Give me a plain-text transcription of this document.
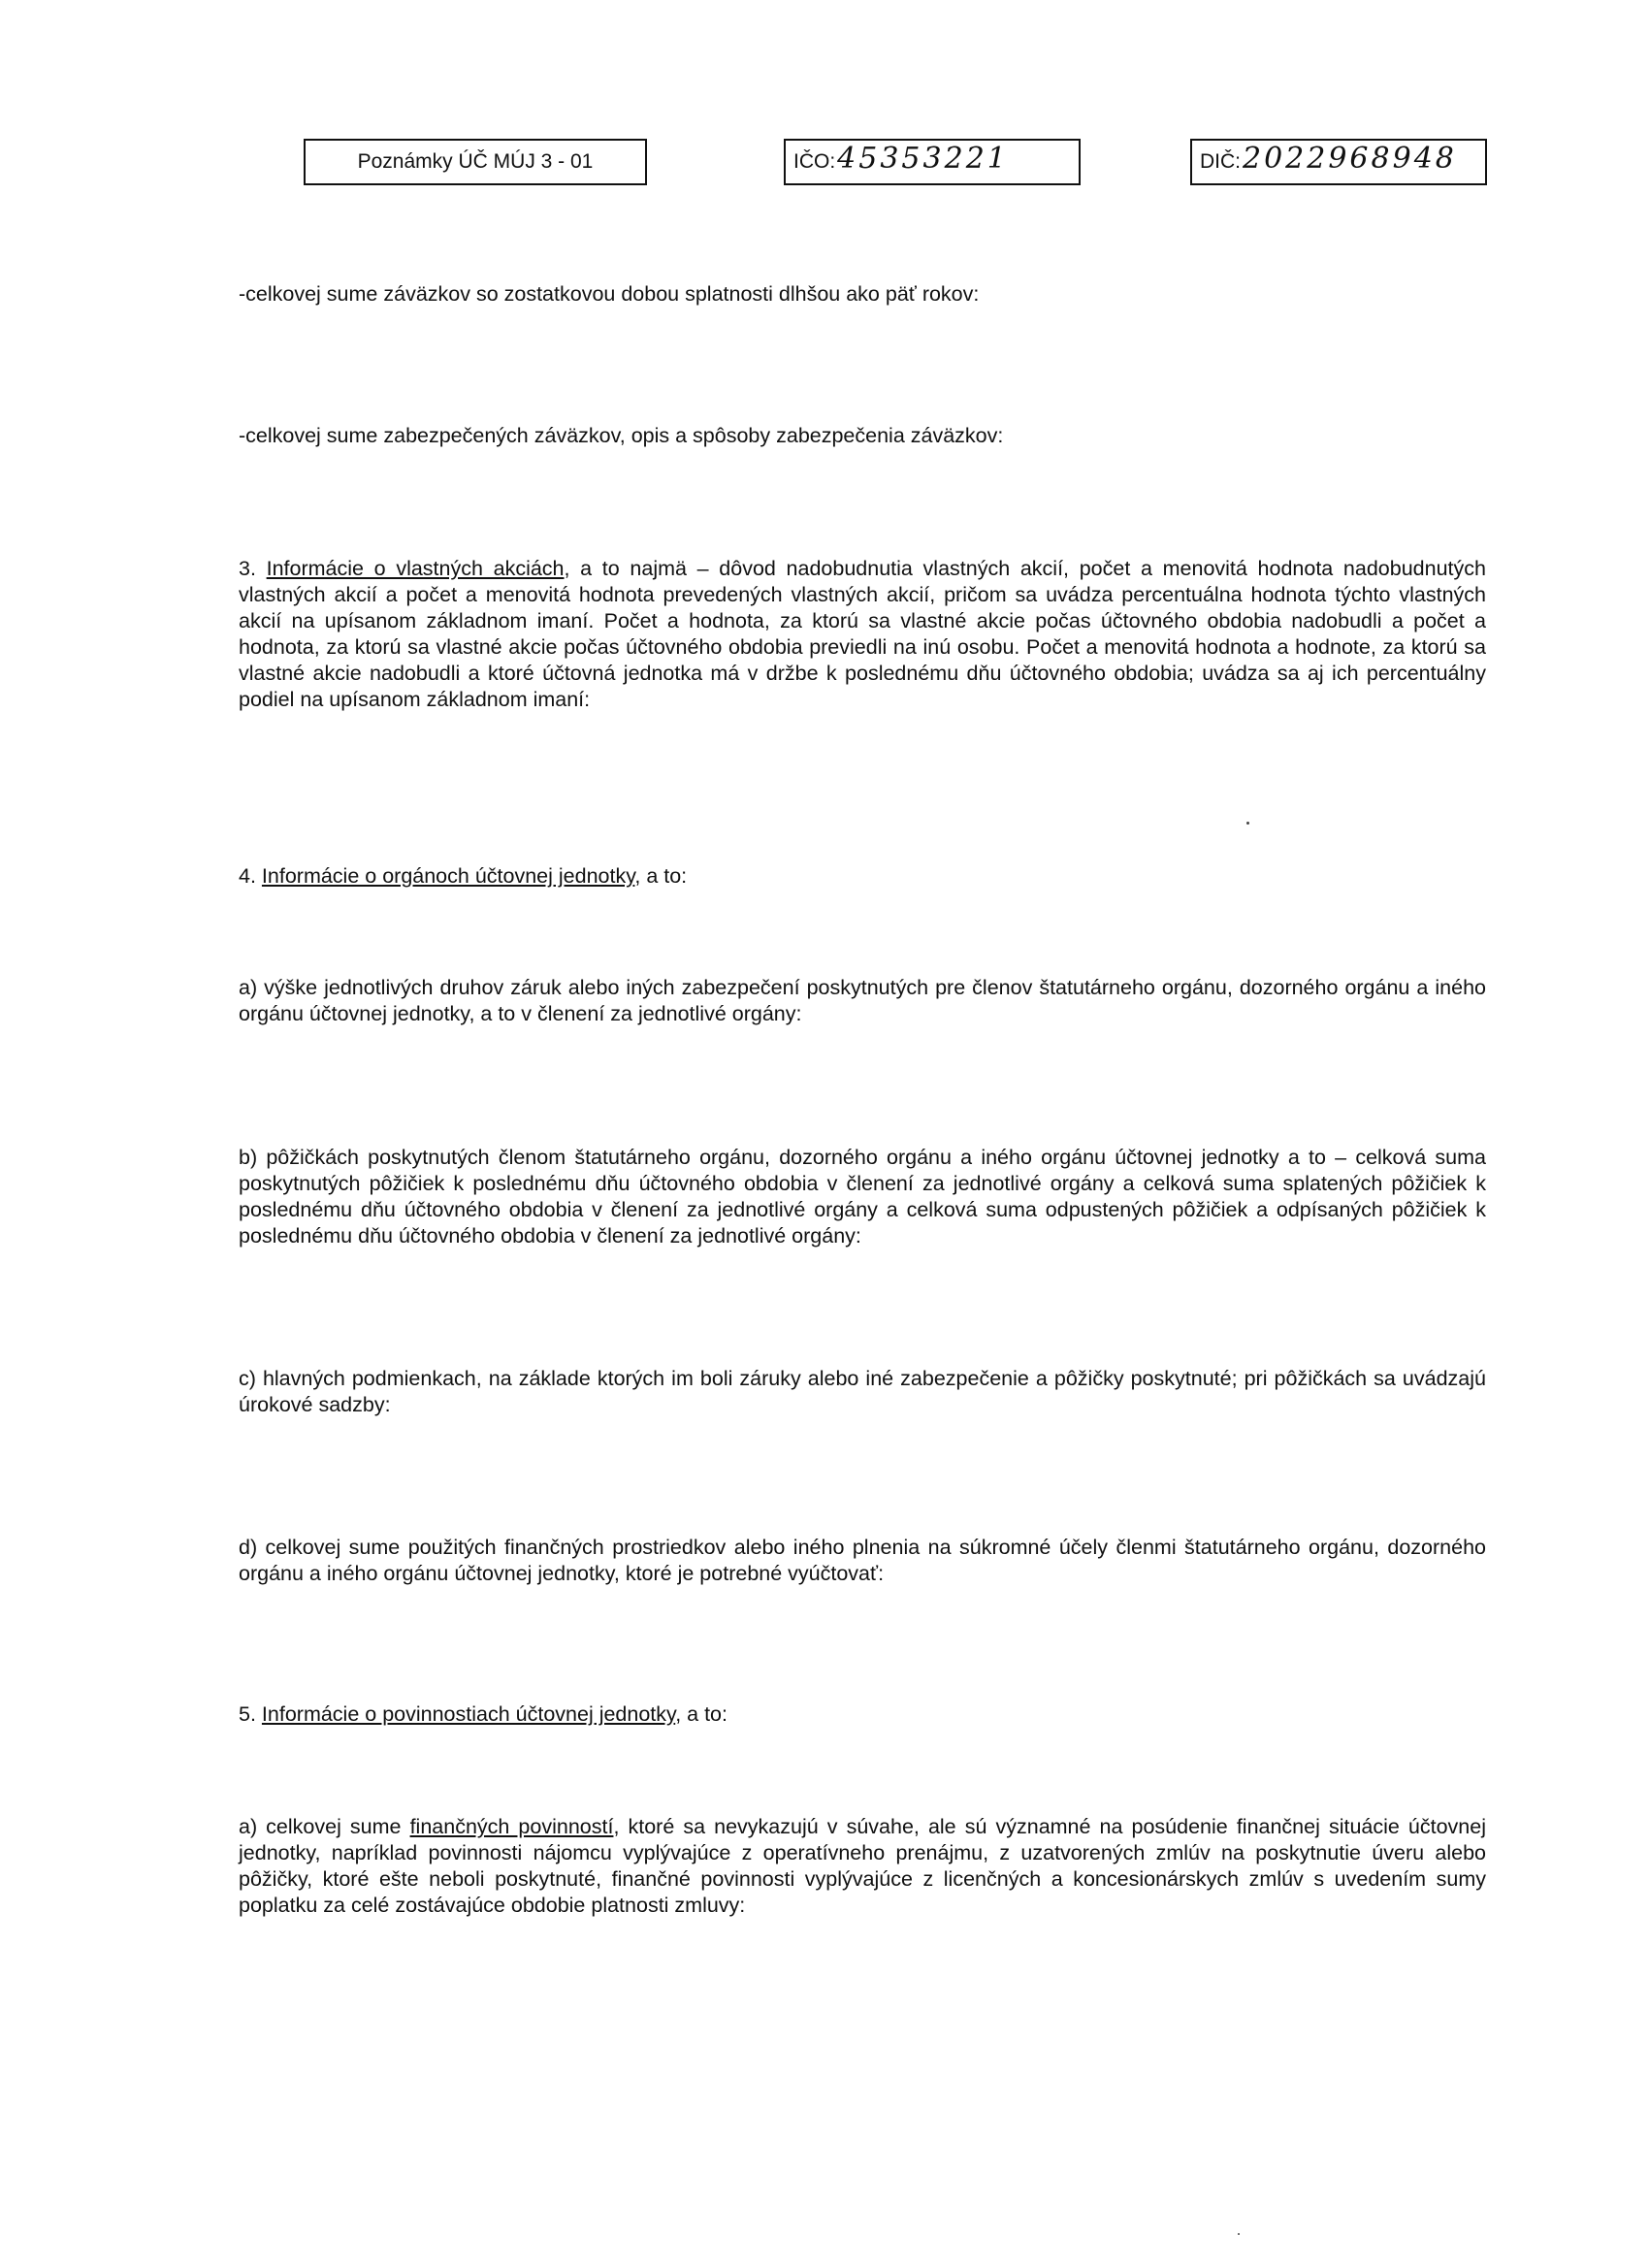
Poznámky ÚČ MÚJ 3 - 01	IČO: 45353221	DIČ: 2022968948

-celkovej sume záväzkov so zostatkovou dobou splatnosti dlhšou ako päť rokov:

-celkovej sume zabezpečených záväzkov, opis a spôsoby zabezpečenia záväzkov:

3. Informácie o vlastných akciách, a to najmä – dôvod nadobudnutia vlastných akcií, počet a menovitá hodnota nadobudnutých vlastných akcií a počet a menovitá hodnota prevedených vlastných akcií, pričom sa uvádza percentuálna hodnota týchto vlastných akcií na upísanom základnom imaní. Počet a hodnota, za ktorú sa vlastné akcie počas účtovného obdobia nadobudli a počet a hodnota, za ktorú sa vlastné akcie počas účtovného obdobia previedli na inú osobu. Počet a menovitá hodnota a hodnote, za ktorú sa vlastné akcie nadobudli a ktoré účtovná jednotka má v držbe k poslednému dňu účtovného obdobia; uvádza sa aj ich percentuálny podiel na upísanom základnom imaní:

4. Informácie o orgánoch účtovnej jednotky, a to:

a) výške jednotlivých druhov záruk alebo iných zabezpečení poskytnutých pre členov štatutárneho orgánu, dozorného orgánu a iného orgánu účtovnej jednotky, a to v členení za jednotlivé orgány:

b) pôžičkách poskytnutých členom štatutárneho orgánu, dozorného orgánu a iného orgánu účtovnej jednotky a to – celková suma poskytnutých pôžičiek k poslednému dňu účtovného obdobia v členení za jednotlivé orgány a celková suma splatených pôžičiek k poslednému dňu účtovného obdobia v členení za jednotlivé orgány a celková suma odpustených pôžičiek a odpísaných pôžičiek k poslednému dňu účtovného obdobia v členení za jednotlivé orgány:

c) hlavných podmienkach, na základe ktorých im boli záruky alebo iné zabezpečenie a pôžičky poskytnuté; pri pôžičkách sa uvádzajú úrokové sadzby:

d) celkovej sume použitých finančných prostriedkov alebo iného plnenia na súkromné účely členmi štatutárneho orgánu, dozorného orgánu a iného orgánu účtovnej jednotky, ktoré je potrebné vyúčtovať:

5. Informácie o povinnostiach účtovnej jednotky, a to:

a) celkovej sume finančných povinností, ktoré sa nevykazujú v súvahe, ale sú významné na posúdenie finančnej situácie účtovnej jednotky, napríklad povinnosti nájomcu vyplývajúce z operatívneho prenájmu, z uzatvorených zmlúv na poskytnutie úveru alebo pôžičky, ktoré ešte neboli poskytnuté, finančné povinnosti vyplývajúce z licenčných a koncesionárskych zmlúv s uvedením sumy poplatku za celé zostávajúce obdobie platnosti zmluvy:
